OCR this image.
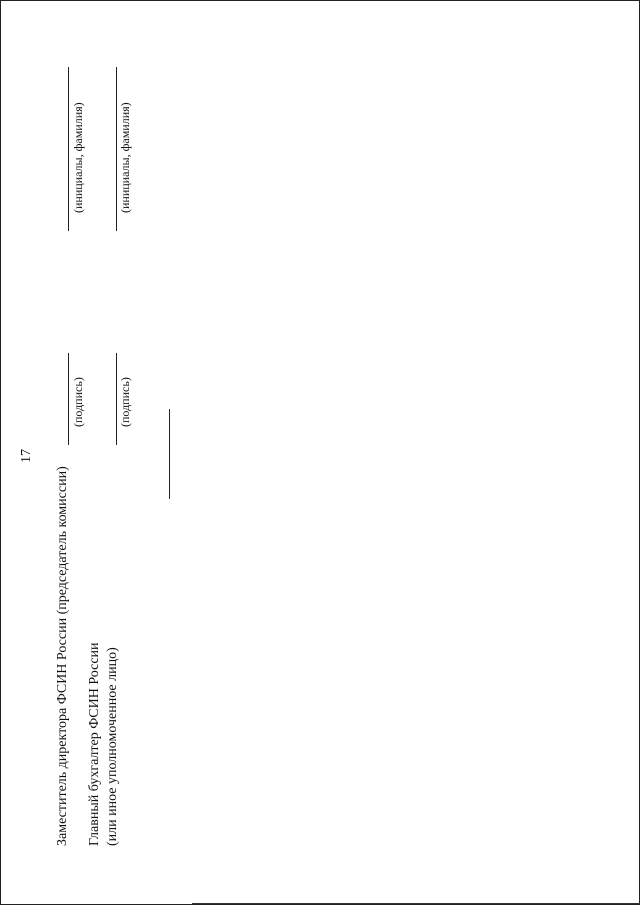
17
Заместитель директора ФСИН России (председатель комиссии)
(подпись)
(инициалы, фамилия)
Главный бухгалтер ФСИН России (или иное уполномоченное лицо)
(подпись)
(инициалы, фамилия)
